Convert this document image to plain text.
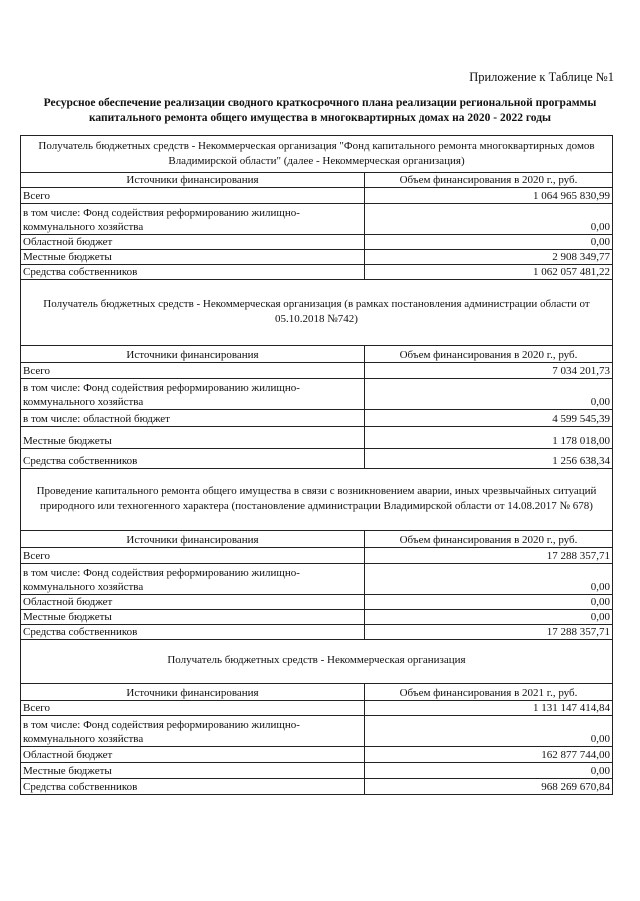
Приложение к Таблице №1
Ресурсное обеспечение реализации сводного краткосрочного плана реализации региональной программы капитального ремонта общего имущества в многоквартирных домах на 2020 - 2022 годы
Получатель бюджетных средств - Некоммерческая организация "Фонд капитального ремонта многоквартирных домов Владимирской области" (далее - Некоммерческая организация)
Источники финансирования	Объем финансирования в 2020 г., руб.
Всего	1 064 965 830,99
в том числе: Фонд содействия реформированию жилищно-коммунального хозяйства	0,00
Областной бюджет	0,00
Местные бюджеты	2 908 349,77
Средства собственников	1 062 057 481,22
Получатель бюджетных средств - Некоммерческая организация (в рамках постановления администрации области от 05.10.2018 №742)
Источники финансирования	Объем финансирования в 2020 г., руб.
Всего	7 034 201,73
в том числе: Фонд содействия реформированию жилищно-коммунального хозяйства	0,00
в том числе: областной бюджет	4 599 545,39
Местные бюджеты	1 178 018,00
Средства собственников	1 256 638,34
Проведение капитального ремонта общего имущества в связи с возникновением аварии, иных чрезвычайных ситуаций природного или техногенного характера (постановление администрации Владимирской области от 14.08.2017 № 678)
Источники финансирования	Объем финансирования в 2020 г., руб.
Всего	17 288 357,71
в том числе: Фонд содействия реформированию жилищно-коммунального хозяйства	0,00
Областной бюджет	0,00
Местные бюджеты	0,00
Средства собственников	17 288 357,71
Получатель бюджетных средств - Некоммерческая организация
Источники финансирования	Объем финансирования в 2021 г., руб.
Всего	1 131 147 414,84
в том числе: Фонд содействия реформированию жилищно-коммунального хозяйства	0,00
Областной бюджет	162 877 744,00
Местные бюджеты	0,00
Средства собственников	968 269 670,84
